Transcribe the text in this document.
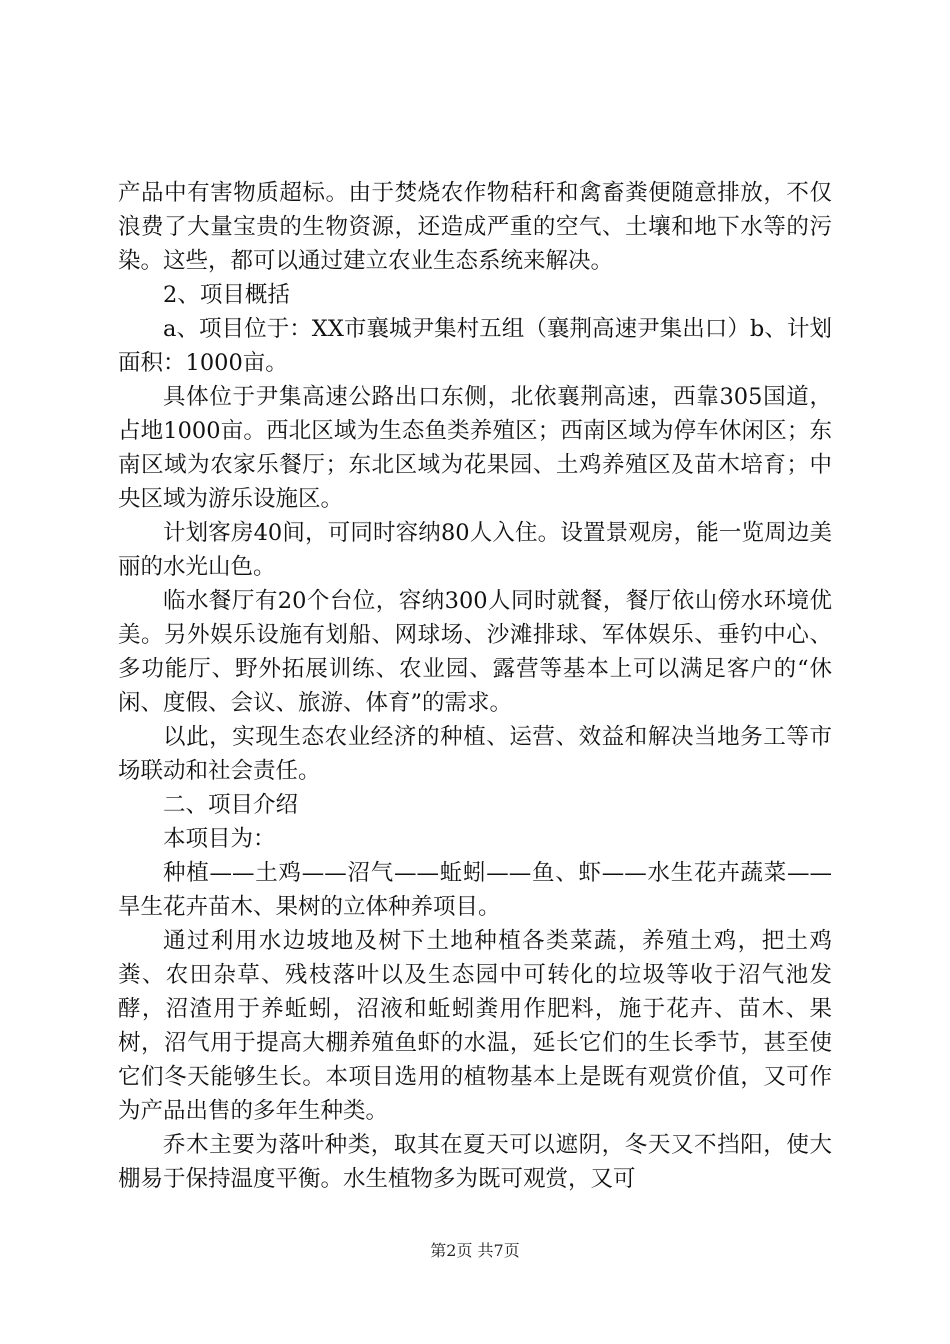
产品中有害物质超标。由于焚烧农作物秸秆和禽畜粪便随意排放，不仅浪费了大量宝贵的生物资源，还造成严重的空气、土壤和地下水等的污染。这些，都可以通过建立农业生态系统来解决。

2、项目概括

a、项目位于：XX市襄城尹集村五组（襄荆高速尹集出口）b、计划面积：1000亩。

具体位于尹集高速公路出口东侧，北依襄荆高速，西靠305国道，占地1000亩。西北区域为生态鱼类养殖区；西南区域为停车休闲区；东南区域为农家乐餐厅；东北区域为花果园、土鸡养殖区及苗木培育；中央区域为游乐设施区。

计划客房40间，可同时容纳80人入住。设置景观房，能一览周边美丽的水光山色。

临水餐厅有20个台位，容纳300人同时就餐，餐厅依山傍水环境优美。另外娱乐设施有划船、网球场、沙滩排球、军体娱乐、垂钓中心、多功能厅、野外拓展训练、农业园、露营等基本上可以满足客户的“休闲、度假、会议、旅游、体育”的需求。

以此，实现生态农业经济的种植、运营、效益和解决当地务工等市场联动和社会责任。

二、项目介绍

本项目为：

种植——土鸡——沼气——蚯蚓——鱼、虾——水生花卉蔬菜——旱生花卉苗木、果树的立体种养项目。

通过利用水边坡地及树下土地种植各类菜蔬，养殖土鸡，把土鸡粪、农田杂草、残枝落叶以及生态园中可转化的垃圾等收于沼气池发酵，沼渣用于养蚯蚓，沼液和蚯蚓粪用作肥料，施于花卉、苗木、果树，沼气用于提高大棚养殖鱼虾的水温，延长它们的生长季节，甚至使它们冬天能够生长。本项目选用的植物基本上是既有观赏价值，又可作为产品出售的多年生种类。

乔木主要为落叶种类，取其在夏天可以遮阴，冬天又不挡阳，使大棚易于保持温度平衡。水生植物多为既可观赏，又可

第2页 共7页
